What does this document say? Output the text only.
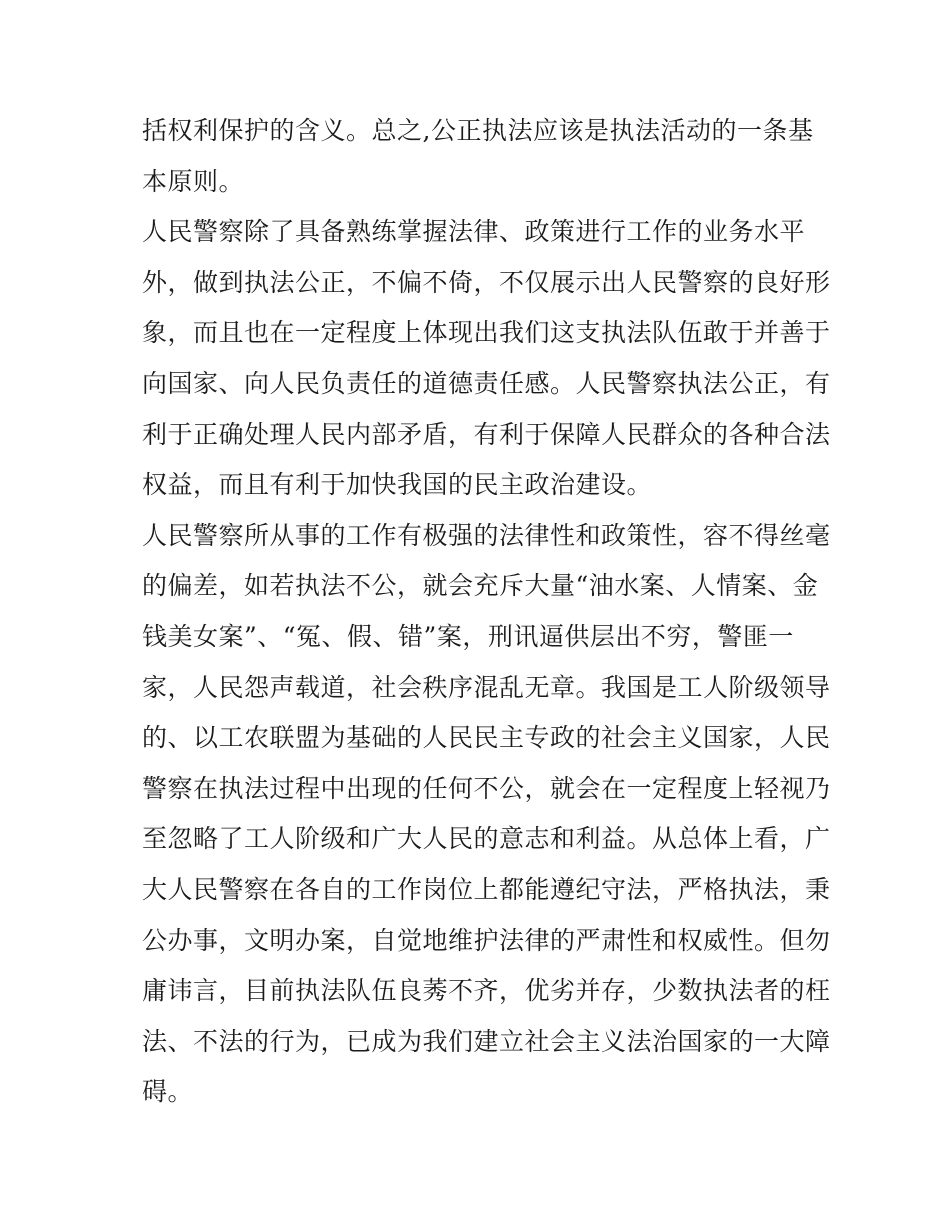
括权利保护的含义。总之,公正执法应该是执法活动的一条基
本原则。
人民警察除了具备熟练掌握法律、政策进行工作的业务水平
外，做到执法公正，不偏不倚，不仅展示出人民警察的良好形
象，而且也在一定程度上体现出我们这支执法队伍敢于并善于
向国家、向人民负责任的道德责任感。人民警察执法公正，有
利于正确处理人民内部矛盾，有利于保障人民群众的各种合法
权益，而且有利于加快我国的民主政治建设。
人民警察所从事的工作有极强的法律性和政策性，容不得丝毫
的偏差，如若执法不公，就会充斥大量“油水案、人情案、金
钱美女案”、“冤、假、错”案，刑讯逼供层出不穷，警匪一
家，人民怨声载道，社会秩序混乱无章。我国是工人阶级领导
的、以工农联盟为基础的人民民主专政的社会主义国家，人民
警察在执法过程中出现的任何不公，就会在一定程度上轻视乃
至忽略了工人阶级和广大人民的意志和利益。从总体上看，广
大人民警察在各自的工作岗位上都能遵纪守法，严格执法，秉
公办事，文明办案，自觉地维护法律的严肃性和权威性。但勿
庸讳言，目前执法队伍良莠不齐，优劣并存，少数执法者的枉
法、不法的行为，已成为我们建立社会主义法治国家的一大障
碍。
